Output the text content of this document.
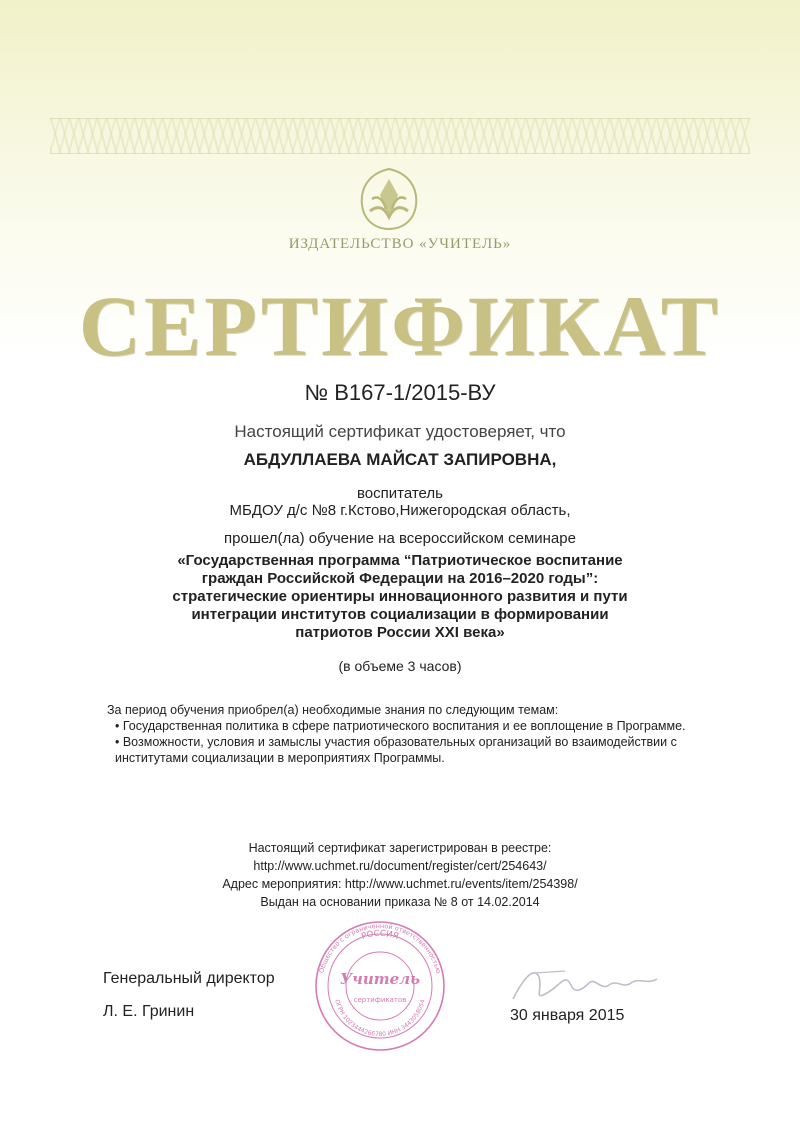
ИЗДАТЕЛЬСТВО «УЧИТЕЛЬ»
СЕРТИФИКАТ
№ В167-1/2015-ВУ
Настоящий сертификат удостоверяет, что
АБДУЛЛАЕВА МАЙСАТ ЗАПИРОВНА,
воспитатель
МБДОУ д/с №8 г.Кстово,Нижегородская область,
прошел(ла) обучение на всероссийском семинаре
«Государственная программа “Патриотическое воспитание
граждан Российской Федерации на 2016–2020 годы”:
стратегические ориентиры инновационного развития и пути
интеграции институтов социализации в формировании
патриотов России XXI века»
(в объеме 3 часов)
За период обучения приобрел(а) необходимые знания по следующим темам:
• Государственная политика в сфере патриотического воспитания и ее воплощение в Программе.
• Возможности, условия и замыслы участия образовательных организаций во взаимодействии с институтами социализации в мероприятиях Программы.
Настоящий сертификат зарегистрирован в реестре:
http://www.uchmet.ru/document/register/cert/254643/
Адрес мероприятия: http://www.uchmet.ru/events/item/254398/
Выдан на основании приказа № 8 от 14.02.2014
Генеральный директор
Л. Е. Гринин	30 января 2015
РОССИЯ
Общество с ограниченной ответственностью
ОГРН 1023444266780 ИНН 3443058054
Учитель
сертификатов
